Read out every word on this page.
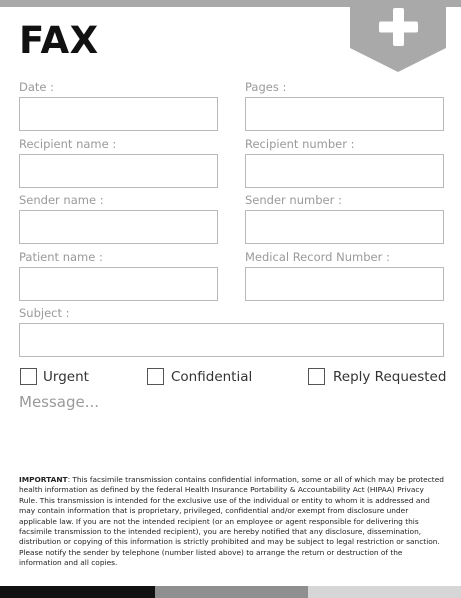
FAX
Date :	Pages :
Recipient name :	Recipient number :
Sender name :	Sender number :
Patient name :	Medical Record Number :
Subject :
Urgent	Confidential	Reply Requested
Message...
IMPORTANT: This facsimile transmission contains confidential information, some or all of which may be protected health information as defined by the federal Health Insurance Portability & Accountability Act (HIPAA) Privacy Rule. This transmission is intended for the exclusive use of the individual or entity to whom it is addressed and may contain information that is proprietary, privileged, confidential and/or exempt from disclosure under applicable law. If you are not the intended recipient (or an employee or agent responsible for delivering this facsimile transmission to the intended recipient), you are hereby notified that any disclosure, dissemination, distribution or copying of this information is strictly prohibited and may be subject to legal restriction or sanction. Please notify the sender by telephone (number listed above) to arrange the return or destruction of the information and all copies.
